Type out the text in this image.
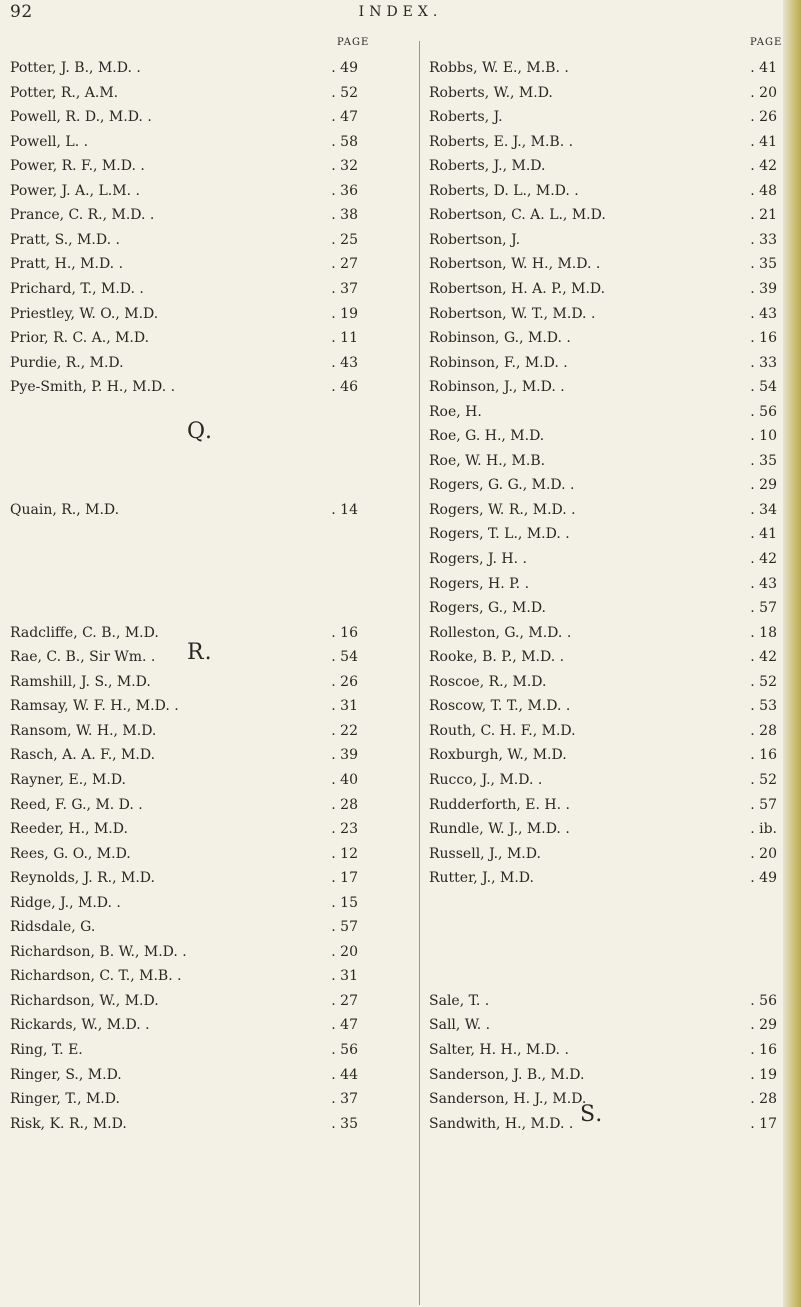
92	INDEX.
PAGE	PAGE
Q.
R.
S.
Potter, J. B., M.D. .	. 49
Potter, R., A.M.	. 52
Powell, R. D., M.D. .	. 47
Powell, L. .	. 58
Power, R. F., M.D. .	. 32
Power, J. A., L.M. .	. 36
Prance, C. R., M.D. .	. 38
Pratt, S., M.D. .	. 25
Pratt, H., M.D. .	. 27
Prichard, T., M.D. .	. 37
Priestley, W. O., M.D.	. 19
Prior, R. C. A., M.D.	. 11
Purdie, R., M.D.	. 43
Pye-Smith, P. H., M.D. .	. 46
Quain, R., M.D.	. 14
Radcliffe, C. B., M.D.	. 16
Rae, C. B., Sir Wm. .	. 54
Ramshill, J. S., M.D.	. 26
Ramsay, W. F. H., M.D. .	. 31
Ransom, W. H., M.D.	. 22
Rasch, A. A. F., M.D.	. 39
Rayner, E., M.D.	. 40
Reed, F. G., M. D. .	. 28
Reeder, H., M.D.	. 23
Rees, G. O., M.D.	. 12
Reynolds, J. R., M.D.	. 17
Ridge, J., M.D. .	. 15
Ridsdale, G.	. 57
Richardson, B. W., M.D. .	. 20
Richardson, C. T., M.B. .	. 31
Richardson, W., M.D.	. 27
Rickards, W., M.D. .	. 47
Ring, T. E.	. 56
Ringer, S., M.D.	. 44
Ringer, T., M.D.	. 37
Risk, K. R., M.D.	. 35
Robbs, W. E., M.B. .	. 41
Roberts, W., M.D.	. 20
Roberts, J.	. 26
Roberts, E. J., M.B. .	. 41
Roberts, J., M.D.	. 42
Roberts, D. L., M.D. .	. 48
Robertson, C. A. L., M.D.	. 21
Robertson, J.	. 33
Robertson, W. H., M.D. .	. 35
Robertson, H. A. P., M.D.	. 39
Robertson, W. T., M.D. .	. 43
Robinson, G., M.D. .	. 16
Robinson, F., M.D. .	. 33
Robinson, J., M.D. .	. 54
Roe, H.	. 56
Roe, G. H., M.D.	. 10
Roe, W. H., M.B.	. 35
Rogers, G. G., M.D. .	. 29
Rogers, W. R., M.D. .	. 34
Rogers, T. L., M.D. .	. 41
Rogers, J. H. .	. 42
Rogers, H. P. .	. 43
Rogers, G., M.D.	. 57
Rolleston, G., M.D. .	. 18
Rooke, B. P., M.D. .	. 42
Roscoe, R., M.D.	. 52
Roscow, T. T., M.D. .	. 53
Routh, C. H. F., M.D.	. 28
Roxburgh, W., M.D.	. 16
Rucco, J., M.D. .	. 52
Rudderforth, E. H. .	. 57
Rundle, W. J., M.D. .	. ib.
Russell, J., M.D.	. 20
Rutter, J., M.D.	. 49
Sale, T. .	. 56
Sall, W. .	. 29
Salter, H. H., M.D. .	. 16
Sanderson, J. B., M.D.	. 19
Sanderson, H. J., M.D.	. 28
Sandwith, H., M.D. .	. 17
